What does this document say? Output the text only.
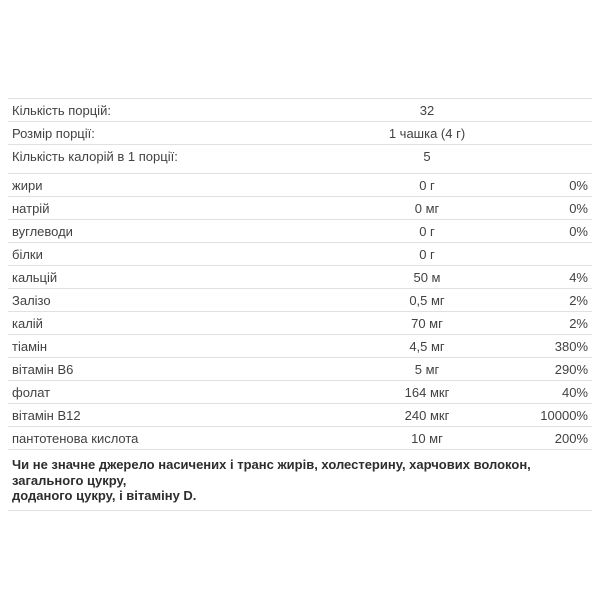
Кількість порцій:	32
Розмір порції:	1 чашка (4 г)
Кількість калорій в 1 порції:	5
жири	0 г	0%
натрій	0 мг	0%
вуглеводи	0 г	0%
білки	0 г
кальцій	50 м	4%
Залізо	0,5 мг	2%
калій	70 мг	2%
тіамін	4,5 мг	380%
вітамін B6	5 мг	290%
фолат	164 мкг	40%
вітамін B12	240 мкг	10000%
пантотенова кислота	10 мг	200%
Чи не значне джерело насичених і транс жирів, холестерину, харчових волокон, загального цукру,
доданого цукру, і вітаміну D.
